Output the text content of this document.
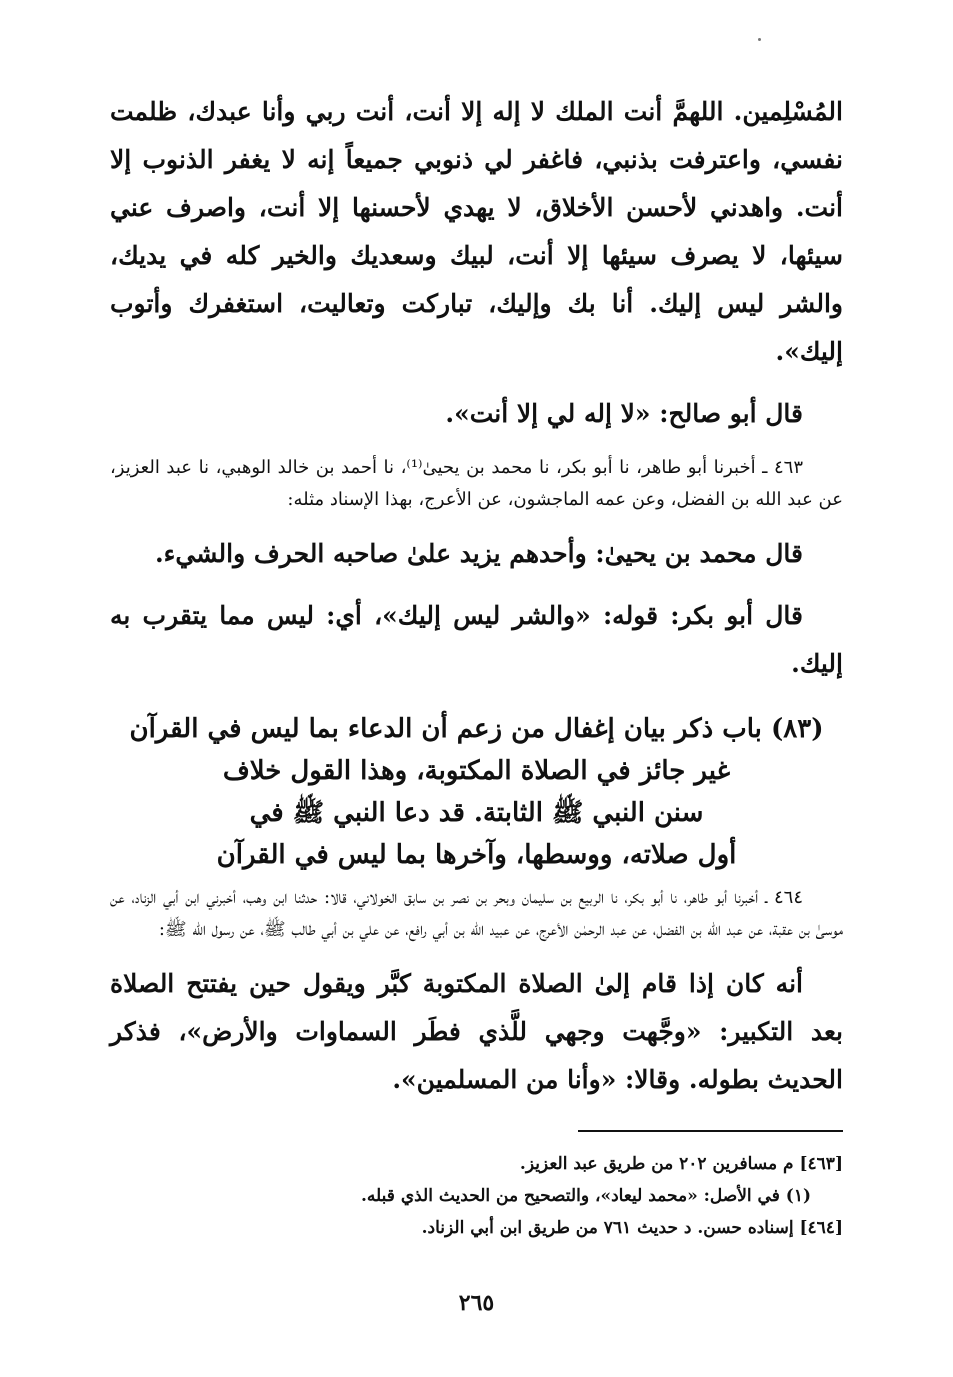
المُسْلِمين. اللهمَّ أنت الملك لا إله إلا أنت، أنت ربي وأنا عبدك، ظلمت نفسي، واعترفت بذنبي، فاغفر لي ذنوبي جميعاً إنه لا يغفر الذنوب إلا أنت. واهدني لأحسن الأخلاق، لا يهدي لأحسنها إلا أنت، واصرف عني سيئها، لا يصرف سيئها إلا أنت، لبيك وسعديك والخير كله في يديك، والشر ليس إليك. أنا بك وإليك، تباركت وتعاليت، استغفرك وأتوب إليك».

قال أبو صالح: «لا إله لي إلا أنت».

٤٦٣ ـ أخبرنا أبو طاهر، نا أبو بكر، نا محمد بن يحيىٰ⁽¹⁾، نا أحمد بن خالد الوهبي، نا عبد العزيز، عن عبد الله بن الفضل، وعن عمه الماجشون، عن الأعرج، بهذا الإسناد مثله:

قال محمد بن يحيىٰ: وأحدهم يزيد علىٰ صاحبه الحرف والشيء.

قال أبو بكر: قوله: «والشر ليس إليك»، أي: ليس مما يتقرب به إليك.

(٨٣) باب ذكر بيان إغفال من زعم أن الدعاء بما ليس في القرآن
غير جائز في الصلاة المكتوبة، وهذا القول خلاف
سنن النبي ﷺ الثابتة. قد دعا النبي ﷺ في
أول صلاته، ووسطها، وآخرها بما ليس في القرآن

٤٦٤ ـ أخبرنا أبو طاهر، نا أبو بكر، نا الربيع بن سليمان وبحر بن نصر بن سابق الخولاني، قالا: حدثنا ابن وهب، أخبرني ابن أبي الزناد، عن موسىٰ بن عقبة، عن عبد الله بن الفضل، عن عبد الرحمٰن الأعرج، عن عبيد الله بن أبي رافع، عن علي بن أبي طالب ﷺ، عن رسول الله ﷺ:

أنه كان إذا قام إلىٰ الصلاة المكتوبة كبَّر ويقول حين يفتتح الصلاة بعد التكبير: «وجَّهت وجهي للَّذي فطَر السماوات والأرض»، فذكر الحديث بطوله. وقالا: «وأنا من المسلمين».

[٤٦٣] م مسافرين ٢٠٢ من طريق عبد العزيز.

(١) في الأصل: «محمد ليعاد»، والتصحيح من الحديث الذي قبله.

[٤٦٤] إسناده حسن. د حديث ٧٦١ من طريق ابن أبي الزناد.

٢٦٥
